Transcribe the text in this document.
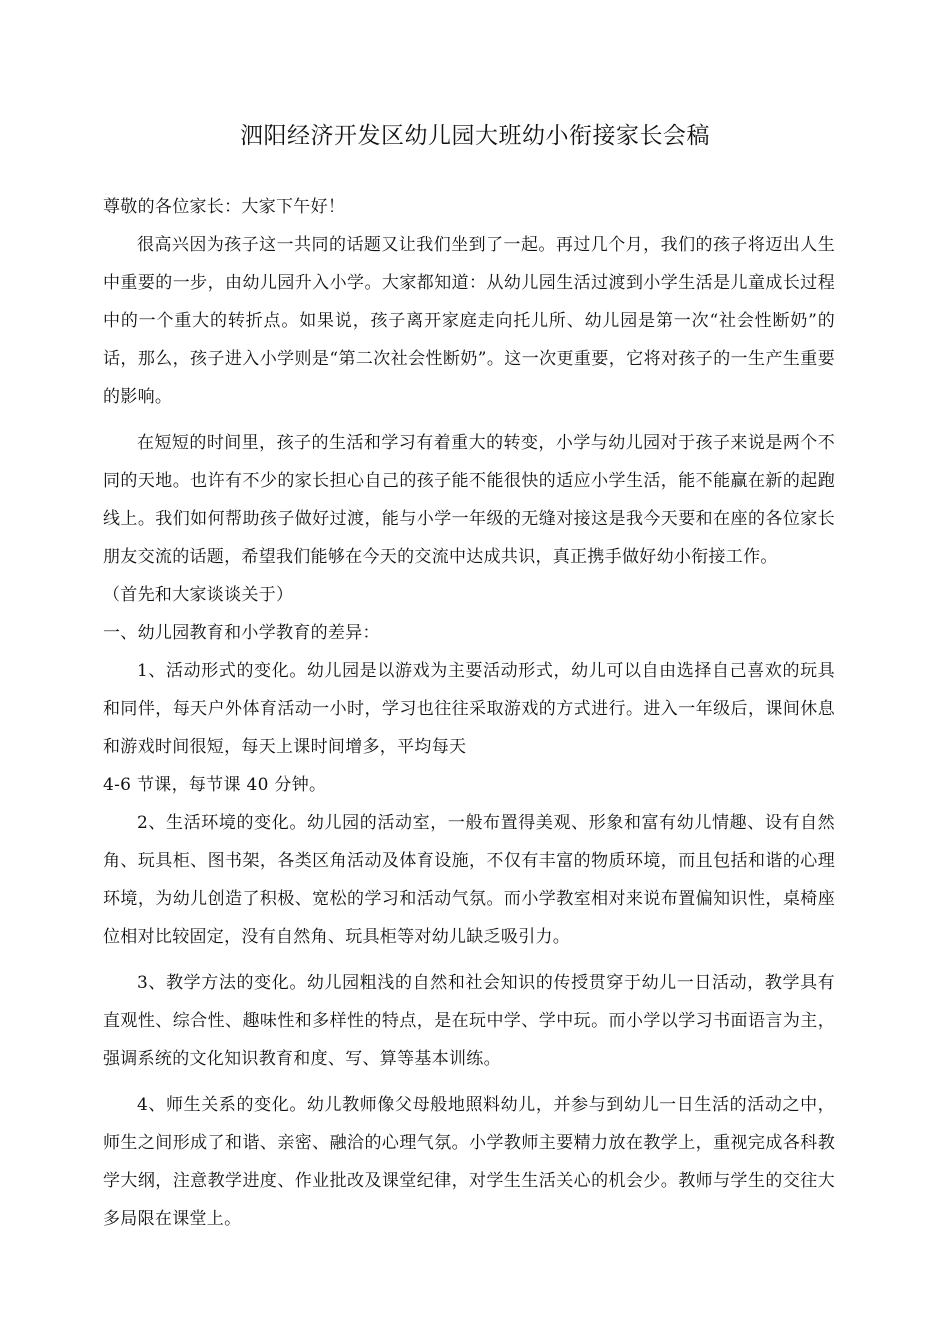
泗阳经济开发区幼儿园大班幼小衔接家长会稿

尊敬的各位家长：大家下午好！

很高兴因为孩子这一共同的话题又让我们坐到了一起。再过几个月，我们的孩子将迈出人生中重要的一步，由幼儿园升入小学。大家都知道：从幼儿园生活过渡到小学生活是儿童成长过程中的一个重大的转折点。如果说，孩子离开家庭走向托儿所、幼儿园是第一次“社会性断奶”的话，那么，孩子进入小学则是“第二次社会性断奶”。这一次更重要，它将对孩子的一生产生重要的影响。

在短短的时间里，孩子的生活和学习有着重大的转变，小学与幼儿园对于孩子来说是两个不同的天地。也许有不少的家长担心自己的孩子能不能很快的适应小学生活，能不能赢在新的起跑线上。我们如何帮助孩子做好过渡，能与小学一年级的无缝对接这是我今天要和在座的各位家长朋友交流的话题，希望我们能够在今天的交流中达成共识，真正携手做好幼小衔接工作。

（首先和大家谈谈关于）

一、幼儿园教育和小学教育的差异：

1、活动形式的变化。幼儿园是以游戏为主要活动形式，幼儿可以自由选择自己喜欢的玩具和同伴，每天户外体育活动一小时，学习也往往采取游戏的方式进行。进入一年级后，课间休息和游戏时间很短，每天上课时间增多，平均每天

4-6 节课，每节课 40 分钟。

2、生活环境的变化。幼儿园的活动室，一般布置得美观、形象和富有幼儿情趣、设有自然角、玩具柜、图书架，各类区角活动及体育设施，不仅有丰富的物质环境，而且包括和谐的心理环境，为幼儿创造了积极、宽松的学习和活动气氛。而小学教室相对来说布置偏知识性，桌椅座位相对比较固定，没有自然角、玩具柜等对幼儿缺乏吸引力。

3、教学方法的变化。幼儿园粗浅的自然和社会知识的传授贯穿于幼儿一日活动，教学具有直观性、综合性、趣味性和多样性的特点，是在玩中学、学中玩。而小学以学习书面语言为主，强调系统的文化知识教育和度、写、算等基本训练。

4、师生关系的变化。幼儿教师像父母般地照料幼儿，并参与到幼儿一日生活的活动之中，师生之间形成了和谐、亲密、融洽的心理气氛。小学教师主要精力放在教学上，重视完成各科教学大纲，注意教学进度、作业批改及课堂纪律，对学生生活关心的机会少。教师与学生的交往大多局限在课堂上。
